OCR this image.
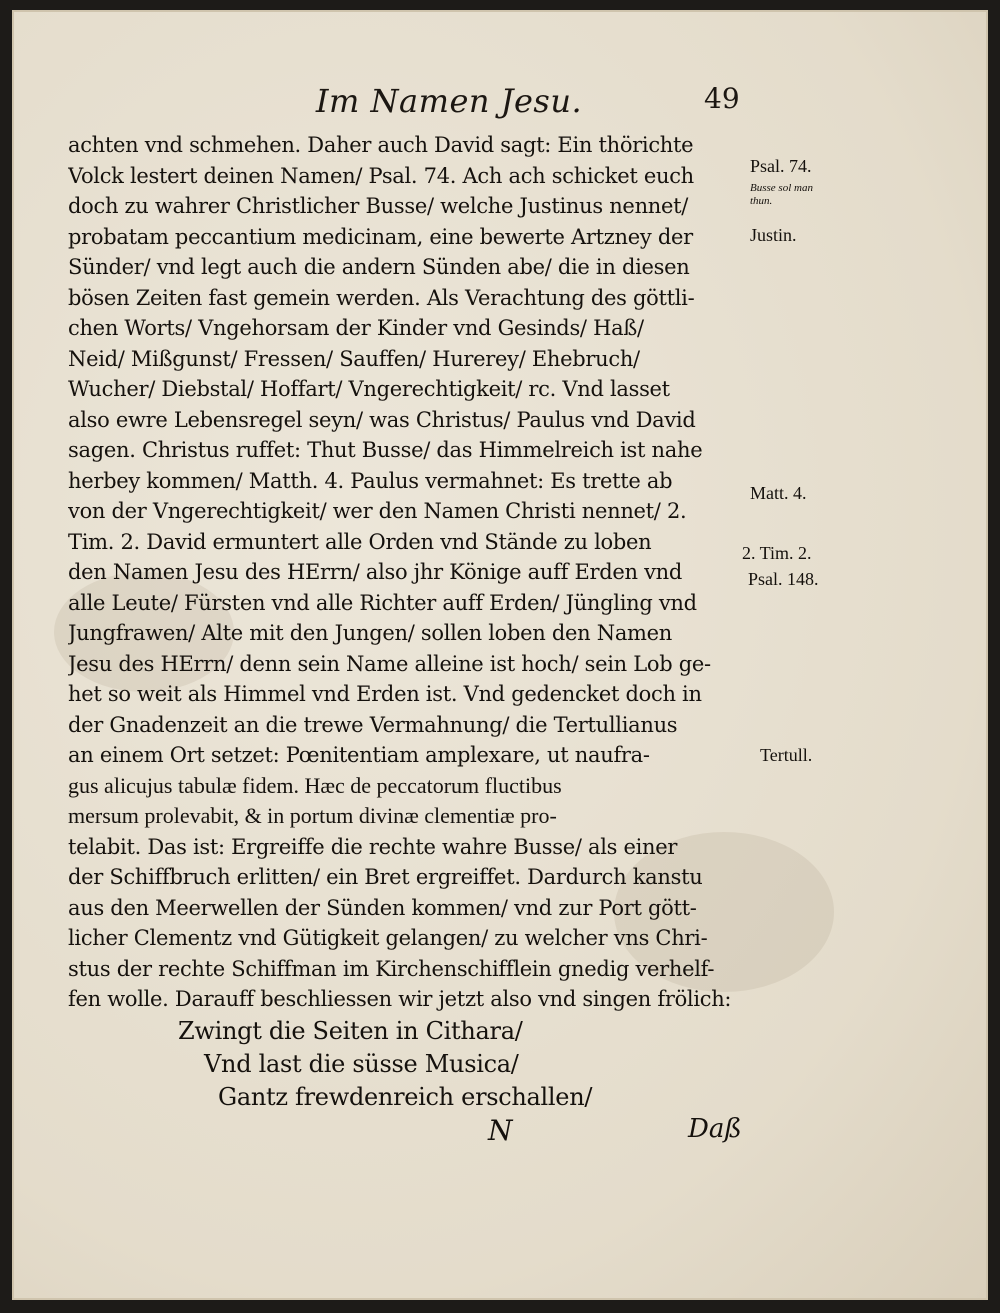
Im Namen Jesu.	49
achten vnd schmehen. Daher auch David sagt: Ein thörichte
Volck lestert deinen Namen/ Psal. 74. Ach ach schicket euch
doch zu wahrer Christlicher Busse/ welche Justinus nennet/
probatam peccantium medicinam, eine bewerte Artzney der
Sünder/ vnd legt auch die andern Sünden abe/ die in diesen
bösen Zeiten fast gemein werden. Als Verachtung des göttli-
chen Worts/ Vngehorsam der Kinder vnd Gesinds/ Haß/
Neid/ Mißgunst/ Fressen/ Sauffen/ Hurerey/ Ehebruch/
Wucher/ Diebstal/ Hoffart/ Vngerechtigkeit/ rc. Vnd lasset
also ewre Lebensregel seyn/ was Christus/ Paulus vnd David
sagen. Christus ruffet: Thut Busse/ das Himmelreich ist nahe
herbey kommen/ Matth. 4. Paulus vermahnet: Es trette ab
von der Vngerechtigkeit/ wer den Namen Christi nennet/ 2.
Tim. 2. David ermuntert alle Orden vnd Stände zu loben
den Namen Jesu des HErrn/ also jhr Könige auff Erden vnd
alle Leute/ Fürsten vnd alle Richter auff Erden/ Jüngling vnd
Jungfrawen/ Alte mit den Jungen/ sollen loben den Namen
Jesu des HErrn/ denn sein Name alleine ist hoch/ sein Lob ge-
het so weit als Himmel vnd Erden ist. Vnd gedencket doch in
der Gnadenzeit an die trewe Vermahnung/ die Tertullianus
an einem Ort setzet: Pœnitentiam amplexare, ut naufra-
gus alicujus tabulæ fidem. Hæc de peccatorum fluctibus
mersum prolevabit, & in portum divinæ clementiæ pro-
telabit. Das ist: Ergreiffe die rechte wahre Busse/ als einer
der Schiffbruch erlitten/ ein Bret ergreiffet. Dardurch kanstu
aus den Meerwellen der Sünden kommen/ vnd zur Port gött-
licher Clementz vnd Gütigkeit gelangen/ zu welcher vns Chri-
stus der rechte Schiffman im Kirchenschifflein gnedig verhelf-
fen wolle. Darauff beschliessen wir jetzt also vnd singen frölich:
Zwingt die Seiten in Cithara/
Vnd last die süsse Musica/
Gantz frewdenreich erschallen/
N	Daß
Psal. 74.
Busse sol man
thun.
Justin.
Matt. 4.
2. Tim. 2.
Psal. 148.
Tertull.
